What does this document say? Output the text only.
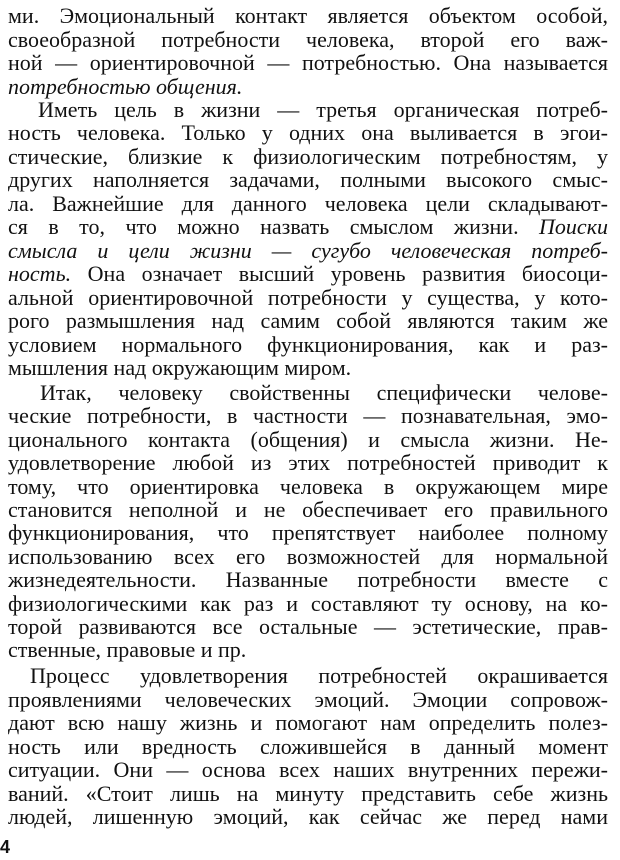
ми. Эмоциональный контакт является объектом особой,
своеобразной потребности человека, второй его важ-
ной — ориентировочной — потребностью. Она называется
потребностью общения.
Иметь цель в жизни — третья органическая потреб-
ность человека. Только у одних она выливается в эгои-
стические, близкие к физиологическим потребностям, у
других наполняется задачами, полными высокого смыс-
ла. Важнейшие для данного человека цели складывают-
ся в то, что можно назвать смыслом жизни. Поиски
смысла и цели жизни — сугубо человеческая потреб-
ность. Она означает высший уровень развития биосоци-
альной ориентировочной потребности у существа, у кото-
рого размышления над самим собой являются таким же
условием нормального функционирования, как и раз-
мышления над окружающим миром.
Итак, человеку свойственны специфически челове-
ческие потребности, в частности — познавательная, эмо-
ционального контакта (общения) и смысла жизни. Не-
удовлетворение любой из этих потребностей приводит к
тому, что ориентировка человека в окружающем мире
становится неполной и не обеспечивает его правильного
функционирования, что препятствует наиболее полному
использованию всех его возможностей для нормальной
жизнедеятельности. Названные потребности вместе с
физиологическими как раз и составляют ту основу, на ко-
торой развиваются все остальные — эстетические, прав-
ственные, правовые и пр.
Процесс удовлетворения потребностей окрашивается
проявлениями человеческих эмоций. Эмоции сопровож-
дают всю нашу жизнь и помогают нам определить полез-
ность или вредность сложившейся в данный момент
ситуации. Они — основа всех наших внутренних пережи-
ваний. «Стоит лишь на минуту представить себе жизнь
людей, лишенную эмоций, как сейчас же перед нами
4
